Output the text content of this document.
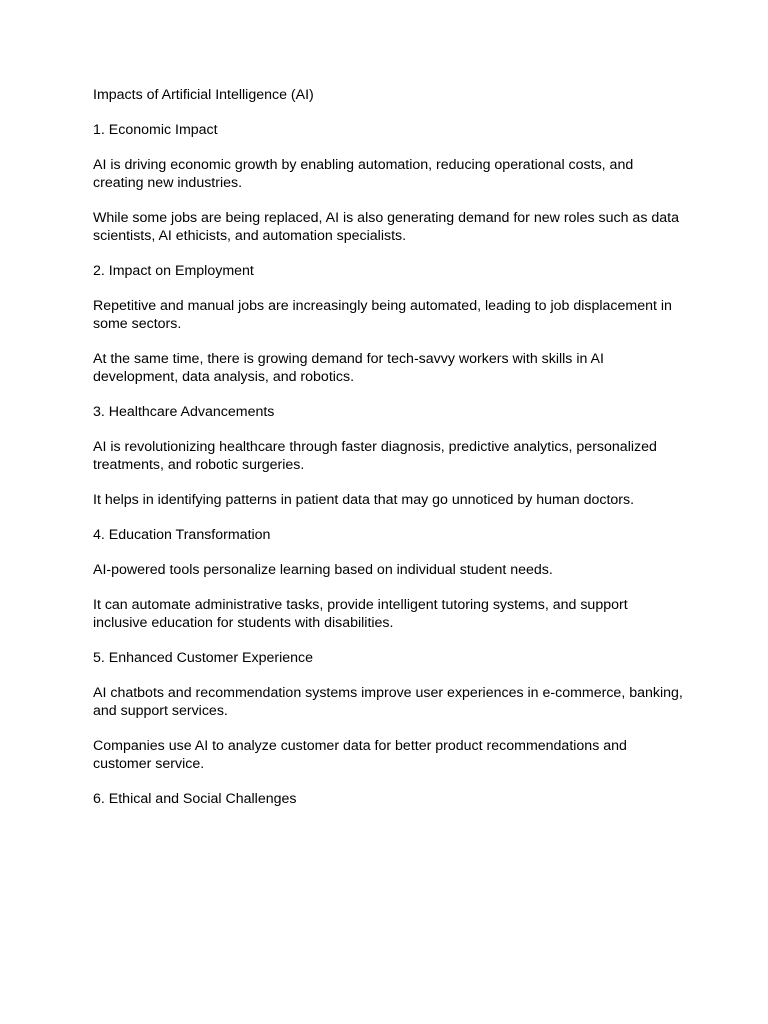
Impacts of Artificial Intelligence (AI)
1. Economic Impact
AI is driving economic growth by enabling automation, reducing operational costs, and creating new industries.
While some jobs are being replaced, AI is also generating demand for new roles such as data scientists, AI ethicists, and automation specialists.
2. Impact on Employment
Repetitive and manual jobs are increasingly being automated, leading to job displacement in some sectors.
At the same time, there is growing demand for tech-savvy workers with skills in AI development, data analysis, and robotics.
3. Healthcare Advancements
AI is revolutionizing healthcare through faster diagnosis, predictive analytics, personalized treatments, and robotic surgeries.
It helps in identifying patterns in patient data that may go unnoticed by human doctors.
4. Education Transformation
AI-powered tools personalize learning based on individual student needs.
It can automate administrative tasks, provide intelligent tutoring systems, and support inclusive education for students with disabilities.
5. Enhanced Customer Experience
AI chatbots and recommendation systems improve user experiences in e-commerce, banking, and support services.
Companies use AI to analyze customer data for better product recommendations and customer service.
6. Ethical and Social Challenges
